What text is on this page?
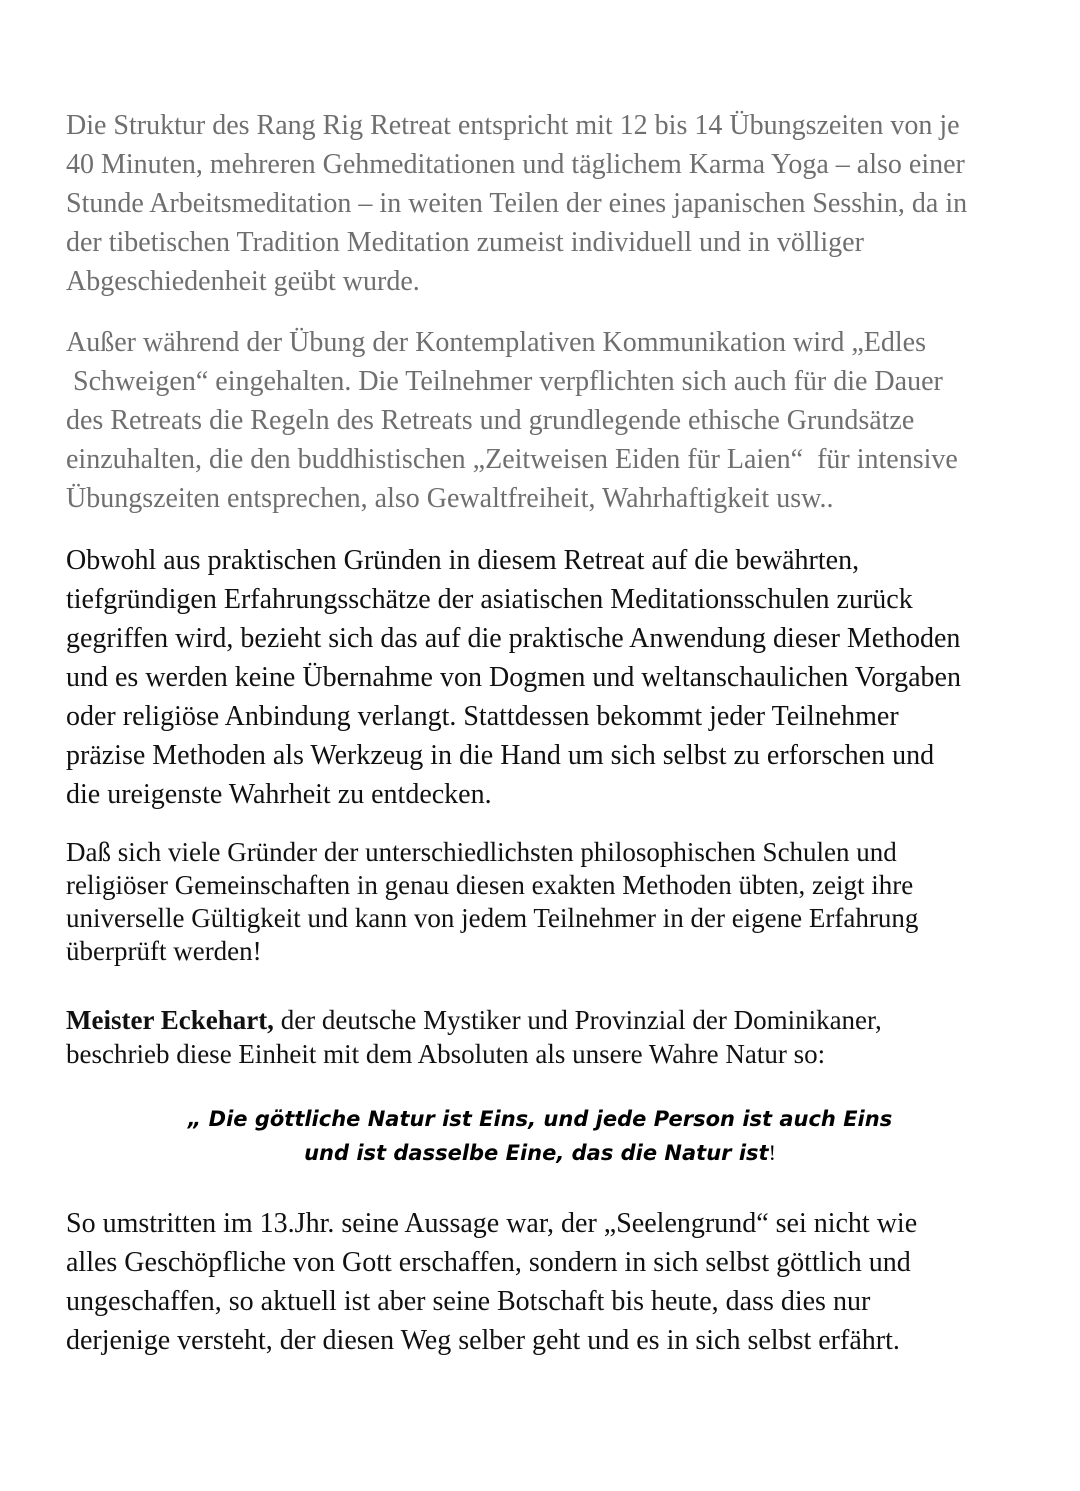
Die Struktur des Rang Rig Retreat entspricht mit 12 bis 14 Übungszeiten von je
40 Minuten, mehreren Gehmeditationen und täglichem Karma Yoga – also einer
Stunde Arbeitsmeditation – in weiten Teilen der eines japanischen Sesshin, da in
der tibetischen Tradition Meditation zumeist individuell und in völliger
Abgeschiedenheit geübt wurde.
Außer während der Übung der Kontemplativen Kommunikation wird „Edles
Schweigen“ eingehalten. Die Teilnehmer verpflichten sich auch für die Dauer
des Retreats die Regeln des Retreats und grundlegende ethische Grundsätze
einzuhalten, die den buddhistischen „Zeitweisen Eiden für Laien“  für intensive
Übungszeiten entsprechen, also Gewaltfreiheit, Wahrhaftigkeit usw..
Obwohl aus praktischen Gründen in diesem Retreat auf die bewährten,
tiefgründigen Erfahrungsschätze der asiatischen Meditationsschulen zurück
gegriffen wird, bezieht sich das auf die praktische Anwendung dieser Methoden
und es werden keine Übernahme von Dogmen und weltanschaulichen Vorgaben
oder religiöse Anbindung verlangt. Stattdessen bekommt jeder Teilnehmer
präzise Methoden als Werkzeug in die Hand um sich selbst zu erforschen und
die ureigenste Wahrheit zu entdecken.
Daß sich viele Gründer der unterschiedlichsten philosophischen Schulen und
religiöser Gemeinschaften in genau diesen exakten Methoden übten, zeigt ihre
universelle Gültigkeit und kann von jedem Teilnehmer in der eigene Erfahrung
überprüft werden!
Meister Eckehart, der deutsche Mystiker und Provinzial der Dominikaner,
beschrieb diese Einheit mit dem Absoluten als unsere Wahre Natur so:
„ Die göttliche Natur ist Eins, und jede Person ist auch Eins
und ist dasselbe Eine, das die Natur ist!
So umstritten im 13.Jhr. seine Aussage war, der „Seelengrund“ sei nicht wie
alles Geschöpfliche von Gott erschaffen, sondern in sich selbst göttlich und
ungeschaffen, so aktuell ist aber seine Botschaft bis heute, dass dies nur
derjenige versteht, der diesen Weg selber geht und es in sich selbst erfährt.
